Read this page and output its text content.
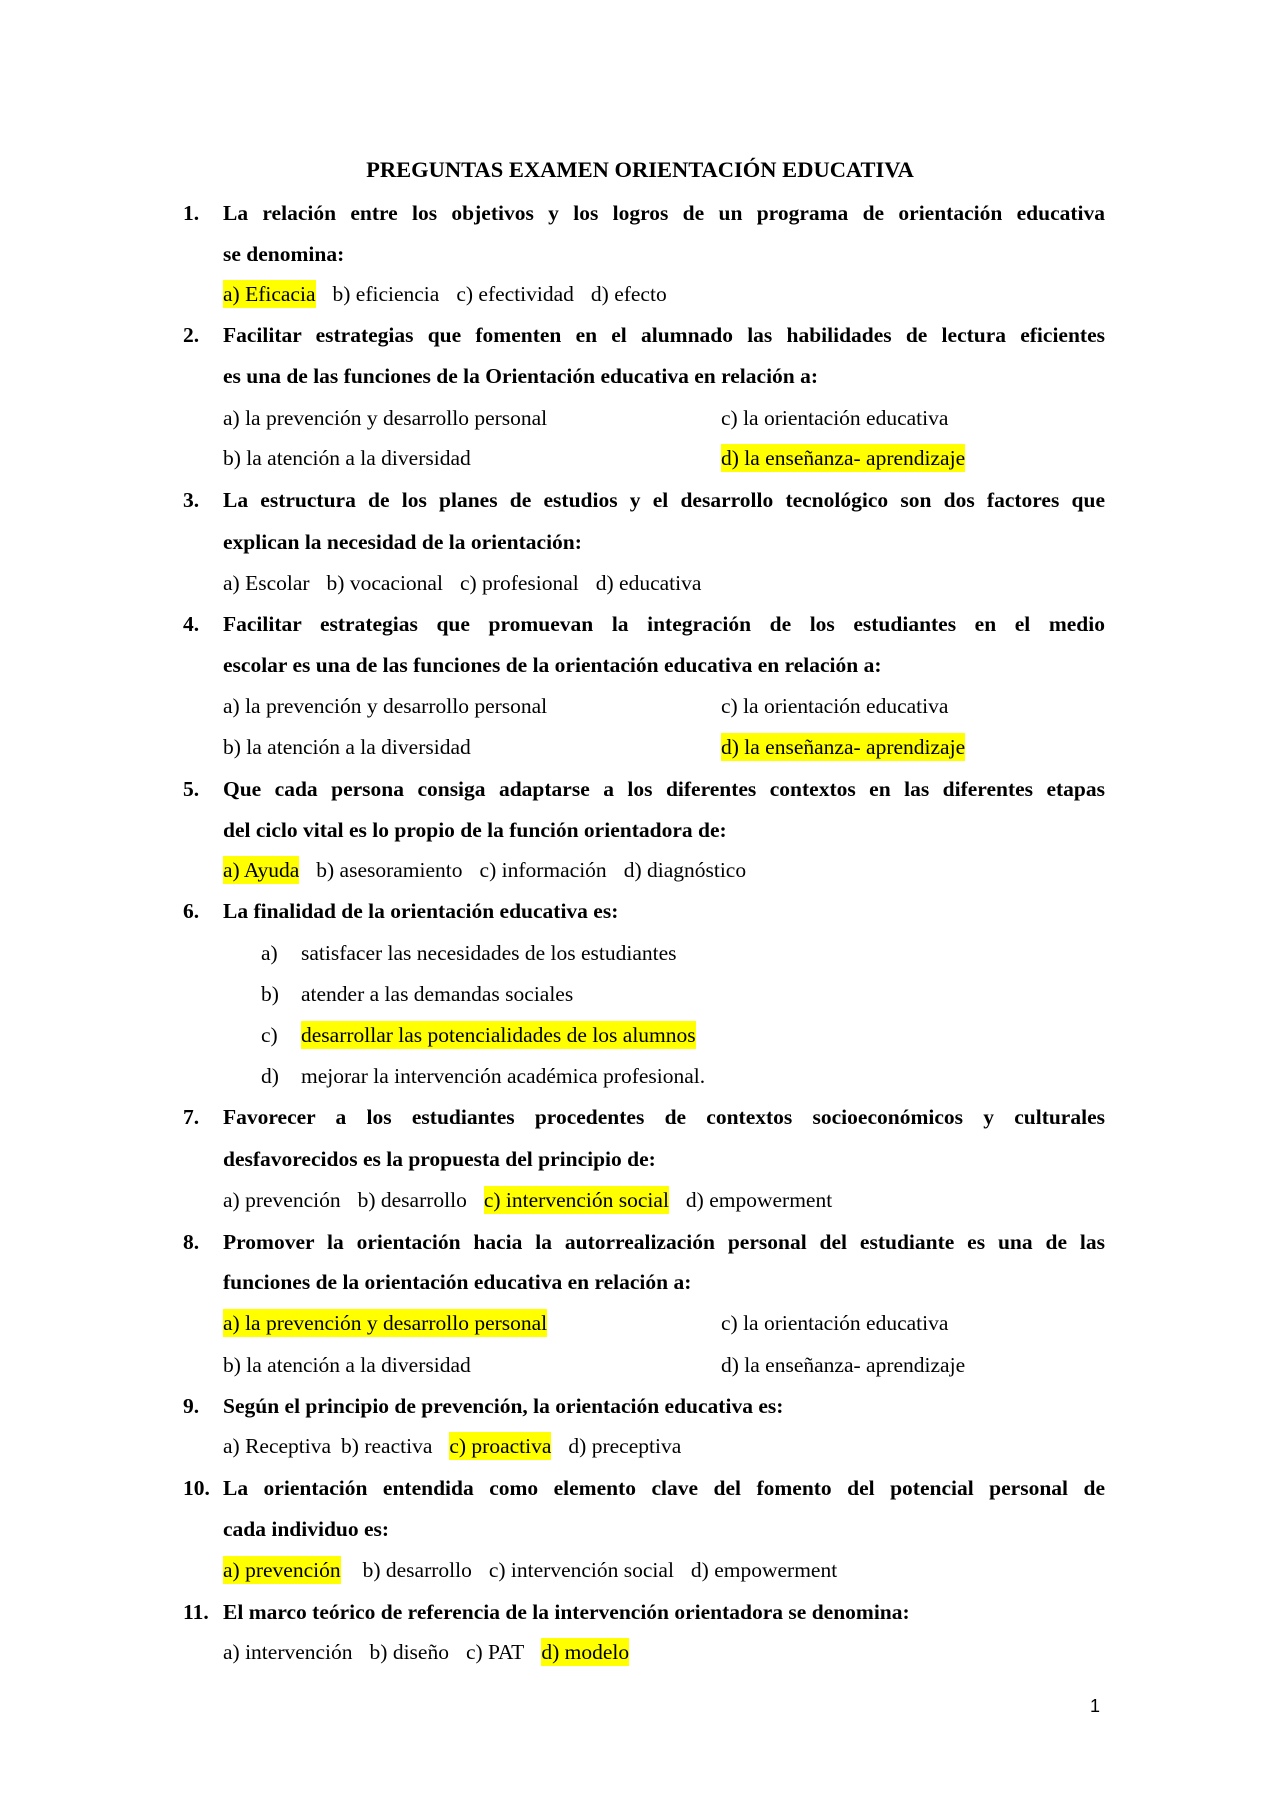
PREGUNTAS EXAMEN ORIENTACIÓN EDUCATIVA
1. La relación entre los objetivos y los logros de un programa de orientación educativa
se denomina:
a) Eficacia b) eficiencia c) efectividad d) efecto
2. Facilitar estrategias que fomenten en el alumnado las habilidades de lectura eficientes
es una de las funciones de la Orientación educativa en relación a:
a) la prevención y desarrollo personal	c) la orientación educativa
b) la atención a la diversidad	d) la enseñanza- aprendizaje
3. La estructura de los planes de estudios y el desarrollo tecnológico son dos factores que
explican la necesidad de la orientación:
a) Escolar b) vocacional c) profesional d) educativa
4. Facilitar estrategias que promuevan la integración de los estudiantes en el medio
escolar es una de las funciones de la orientación educativa en relación a:
a) la prevención y desarrollo personal	c) la orientación educativa
b) la atención a la diversidad	d) la enseñanza- aprendizaje
5. Que cada persona consiga adaptarse a los diferentes contextos en las diferentes etapas
del ciclo vital es lo propio de la función orientadora de:
a) Ayuda b) asesoramiento c) información d) diagnóstico
6. La finalidad de la orientación educativa es:
a) satisfacer las necesidades de los estudiantes
b) atender a las demandas sociales
c) desarrollar las potencialidades de los alumnos
d) mejorar la intervención académica profesional.
7. Favorecer a los estudiantes procedentes de contextos socioeconómicos y culturales
desfavorecidos es la propuesta del principio de:
a) prevención b) desarrollo c) intervención social d) empowerment
8. Promover la orientación hacia la autorrealización personal del estudiante es una de las
funciones de la orientación educativa en relación a:
a) la prevención y desarrollo personal	c) la orientación educativa
b) la atención a la diversidad	d) la enseñanza- aprendizaje
9. Según el principio de prevención, la orientación educativa es:
a) Receptiva b) reactiva c) proactiva d) preceptiva
10. La orientación entendida como elemento clave del fomento del potencial personal de
cada individuo es:
a) prevención b) desarrollo c) intervención social d) empowerment
11. El marco teórico de referencia de la intervención orientadora se denomina:
a) intervención b) diseño c) PAT d) modelo
1
